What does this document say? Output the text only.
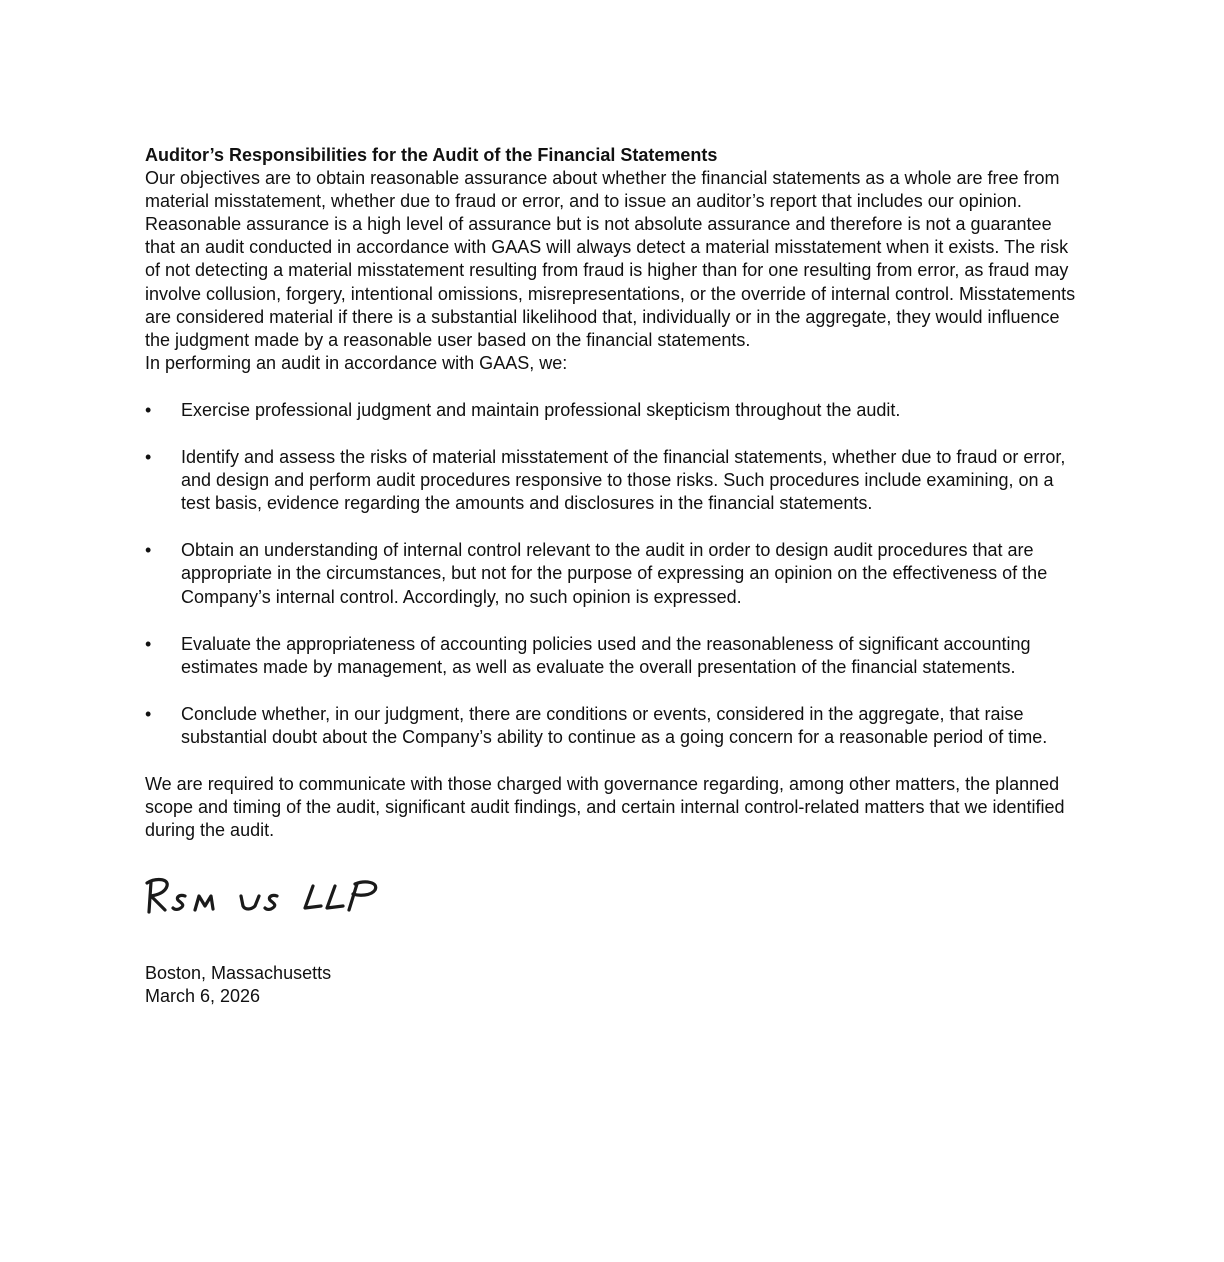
Auditor’s Responsibilities for the Audit of the Financial Statements

Our objectives are to obtain reasonable assurance about whether the financial statements as a whole are free from material misstatement, whether due to fraud or error, and to issue an auditor’s report that includes our opinion. Reasonable assurance is a high level of assurance but is not absolute assurance and therefore is not a guarantee that an audit conducted in accordance with GAAS will always detect a material misstatement when it exists. The risk of not detecting a material misstatement resulting from fraud is higher than for one resulting from error, as fraud may involve collusion, forgery, intentional omissions, misrepresentations, or the override of internal control. Misstatements are considered material if there is a substantial likelihood that, individually or in the aggregate, they would influence the judgment made by a reasonable user based on the financial statements.

In performing an audit in accordance with GAAS, we:

• Exercise professional judgment and maintain professional skepticism throughout the audit.
• Identify and assess the risks of material misstatement of the financial statements, whether due to fraud or error, and design and perform audit procedures responsive to those risks. Such procedures include examining, on a test basis, evidence regarding the amounts and disclosures in the financial statements.
• Obtain an understanding of internal control relevant to the audit in order to design audit procedures that are appropriate in the circumstances, but not for the purpose of expressing an opinion on the effectiveness of the Company’s internal control. Accordingly, no such opinion is expressed.
• Evaluate the appropriateness of accounting policies used and the reasonableness of significant accounting estimates made by management, as well as evaluate the overall presentation of the financial statements.
• Conclude whether, in our judgment, there are conditions or events, considered in the aggregate, that raise substantial doubt about the Company’s ability to continue as a going concern for a reasonable period of time.

We are required to communicate with those charged with governance regarding, among other matters, the planned scope and timing of the audit, significant audit findings, and certain internal control-related matters that we identified during the audit.

Boston, Massachusetts

March 6, 2026
